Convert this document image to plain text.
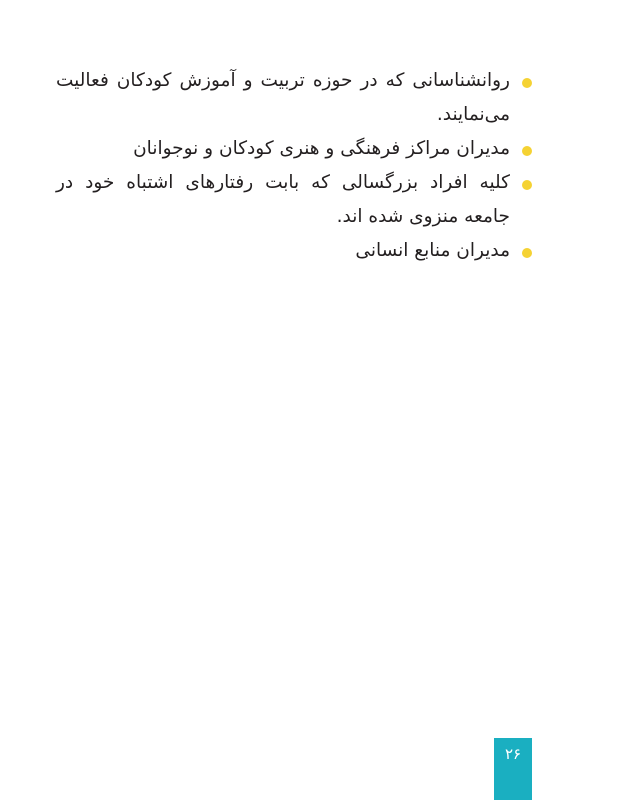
روانشناسانی که در حوزه تربیت و آموزش کودکان فعالیت می‌نمایند.
مدیران مراکز فرهنگی و هنری کودکان و نوجوانان
کلیه افراد بزرگسالی که بابت رفتارهای اشتباه خود در جامعه منزوی شده اند.
مدیران منابع انسانی
۲۶
